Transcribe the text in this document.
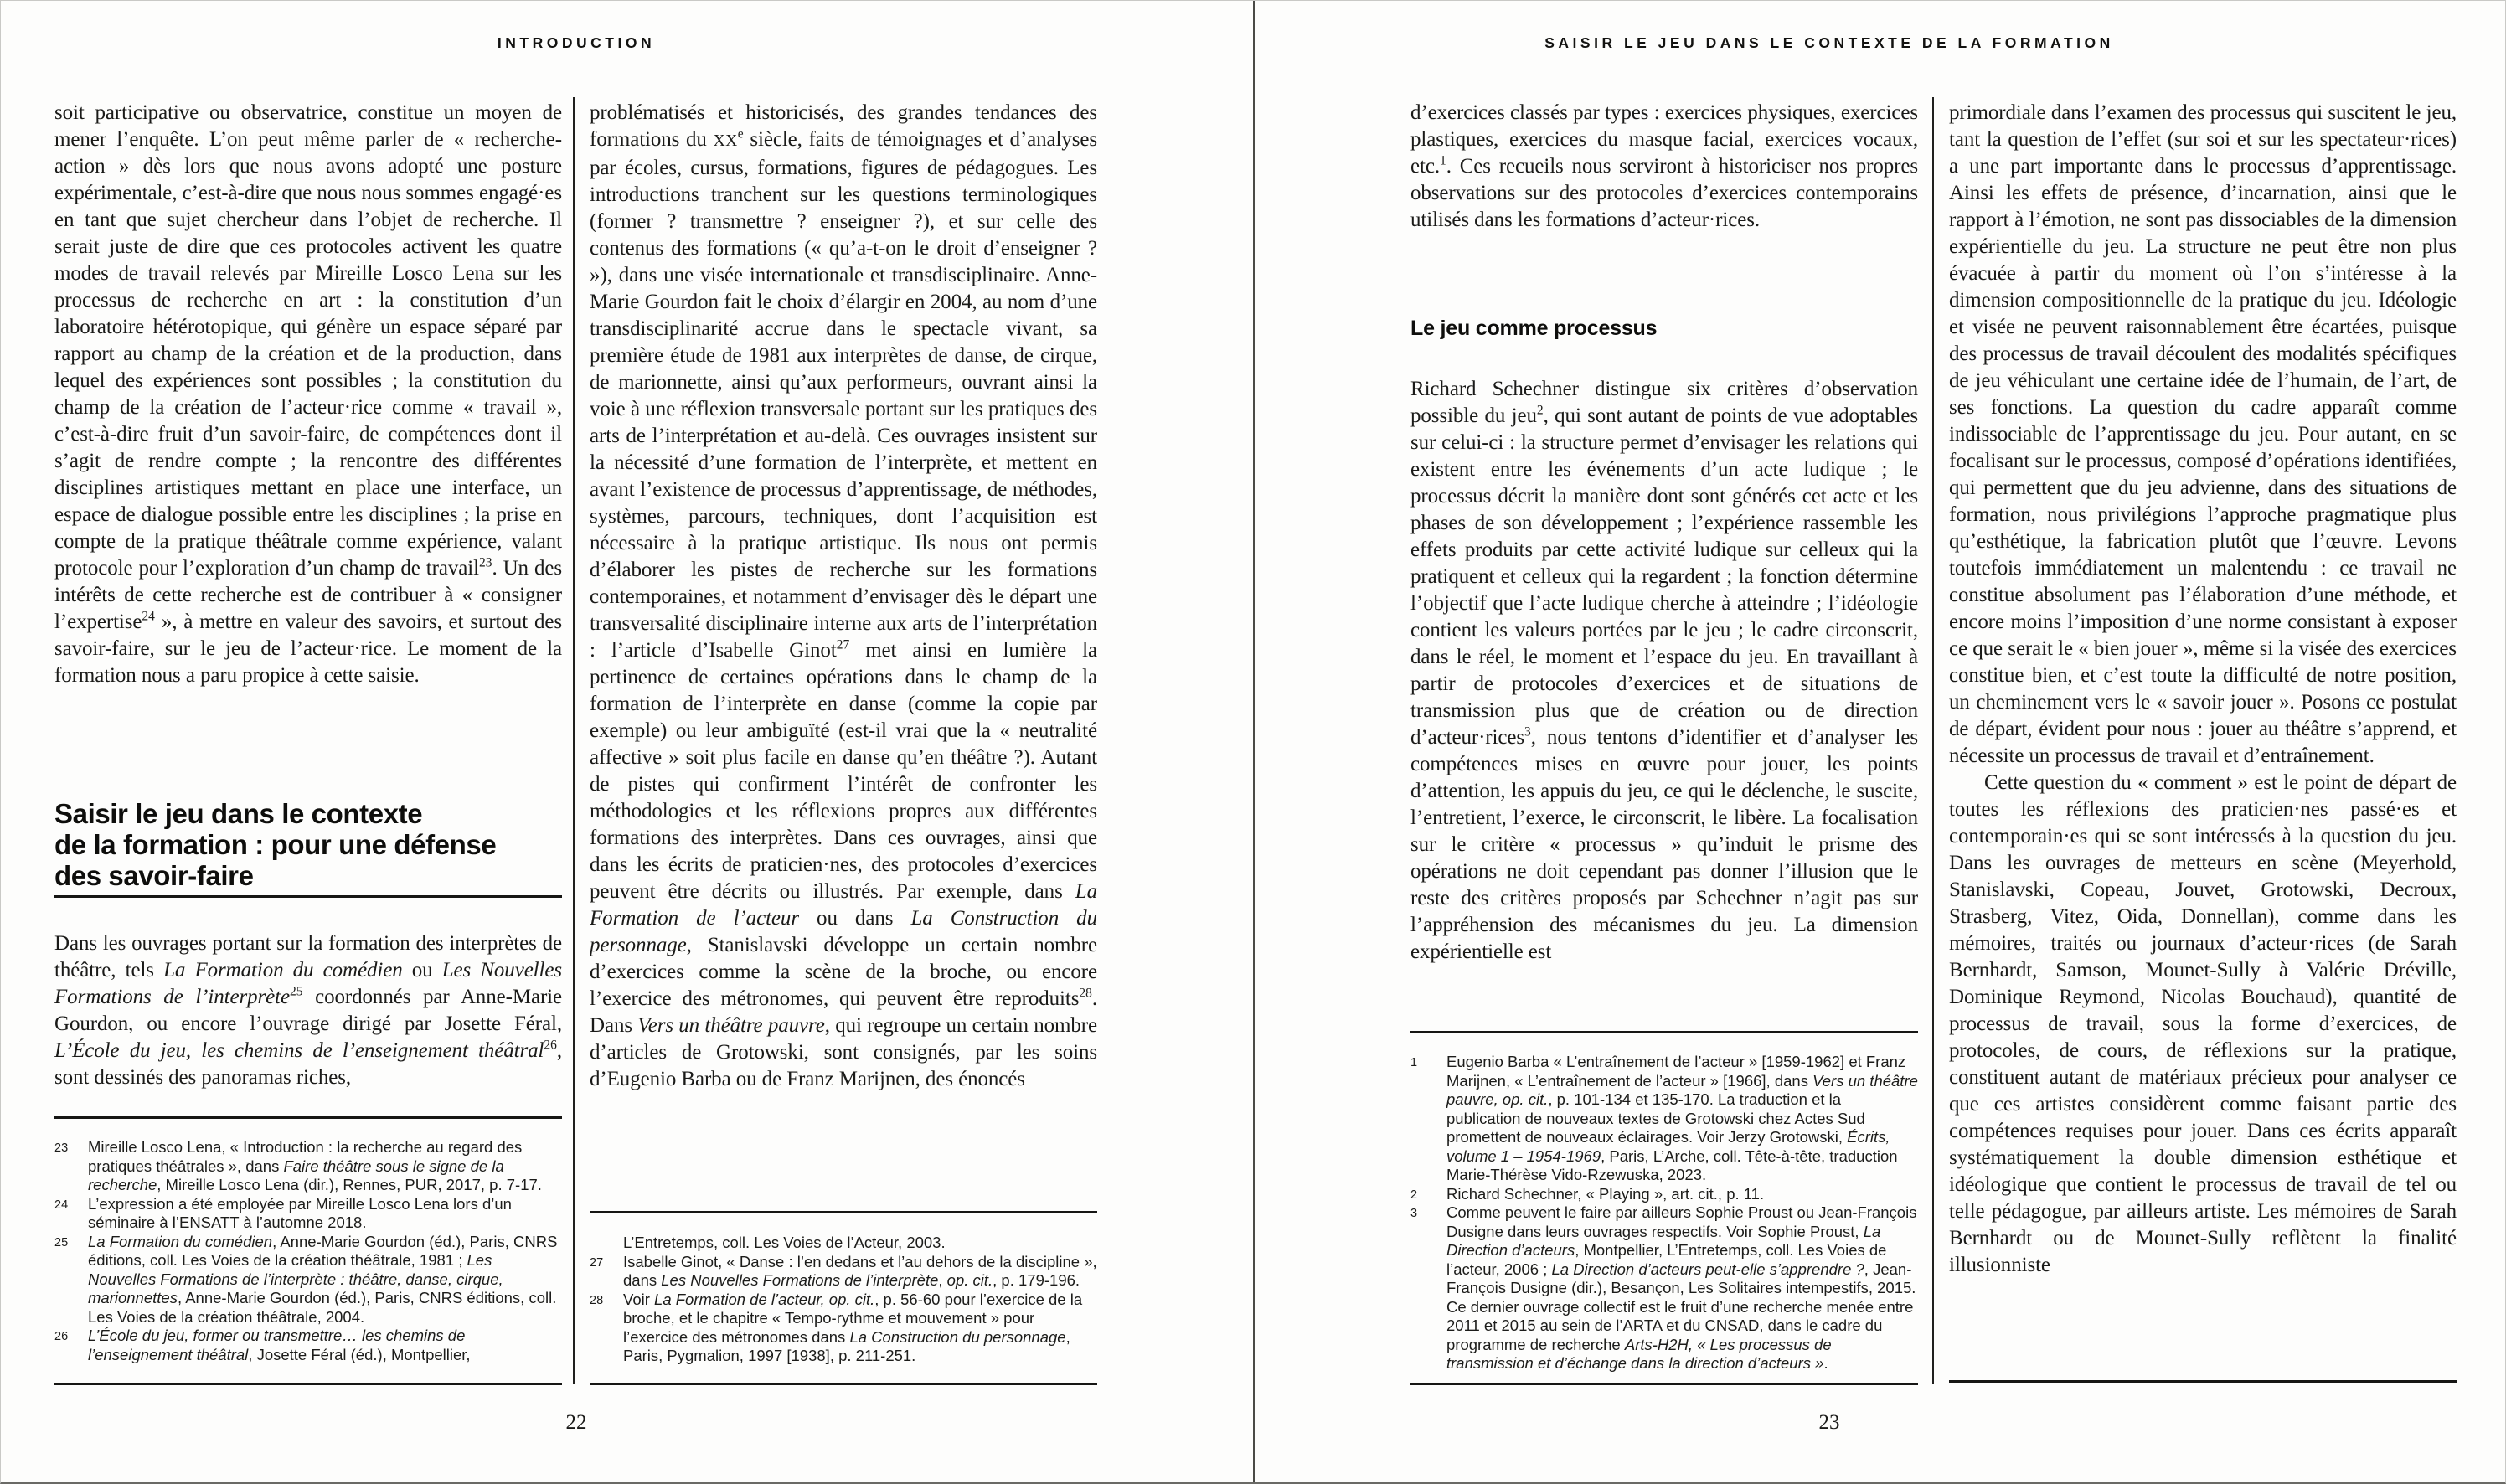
INTRODUCTION
soit participative ou observatrice, constitue un moyen de mener l’enquête. L’on peut même parler de « recherche-action » dès lors que nous avons adopté une posture expérimentale, c’est-à-dire que nous nous sommes engagé·es en tant que sujet chercheur dans l’objet de recherche. Il serait juste de dire que ces protocoles activent les quatre modes de travail relevés par Mireille Losco Lena sur les processus de recherche en art : la constitution d’un laboratoire hétérotopique, qui génère un espace séparé par rapport au champ de la création et de la production, dans lequel des expériences sont possibles ; la constitution du champ de la création de l’acteur·rice comme « travail », c’est-à-dire fruit d’un savoir-faire, de compétences dont il s’agit de rendre compte ; la rencontre des différentes disciplines artistiques mettant en place une interface, un espace de dialogue possible entre les disciplines ; la prise en compte de la pratique théâtrale comme expérience, valant protocole pour l’exploration d’un champ de travail$^{23}$. Un des intérêts de cette recherche est de contribuer à « consigner l’expertise$^{24}$ », à mettre en valeur des savoirs, et surtout des savoir-faire, sur le jeu de l’acteur·rice. Le moment de la formation nous a paru propice à cette saisie.
Saisir le jeu dans le contexte
de la formation : pour une défense
des savoir-faire
Dans les ouvrages portant sur la formation des interprètes de théâtre, tels La Formation du comédien ou Les Nouvelles Formations de l’interprète$^{25}$ coordonnés par Anne-Marie Gourdon, ou encore l’ouvrage dirigé par Josette Féral, L’École du jeu, les chemins de l’enseignement théâtral$^{26}$, sont dessinés des panoramas riches,
23 Mireille Losco Lena, « Introduction : la recherche au regard des pratiques théâtrales », dans Faire théâtre sous le signe de la recherche, Mireille Losco Lena (dir.), Rennes, PUR, 2017, p. 7-17.
24 L’expression a été employée par Mireille Losco Lena lors d’un séminaire à l’ENSATT à l’automne 2018.
25 La Formation du comédien, Anne-Marie Gourdon (éd.), Paris, CNRS éditions, coll. Les Voies de la création théâtrale, 1981 ; Les Nouvelles Formations de l’interprète : théâtre, danse, cirque, marionnettes, Anne-Marie Gourdon (éd.), Paris, CNRS éditions, coll. Les Voies de la création théâtrale, 2004.
26 L’École du jeu, former ou transmettre… les chemins de l’enseignement théâtral, Josette Féral (éd.), Montpellier,
problématisés et historicisés, des grandes tendances des formations du XXe siècle, faits de témoignages et d’analyses par écoles, cursus, formations, figures de pédagogues. Les introductions tranchent sur les questions terminologiques (former ? transmettre ? enseigner ?), et sur celle des contenus des formations (« qu’a-t-on le droit d’enseigner ? »), dans une visée internationale et transdisciplinaire. Anne-Marie Gourdon fait le choix d’élargir en 2004, au nom d’une transdisciplinarité accrue dans le spectacle vivant, sa première étude de 1981 aux interprètes de danse, de cirque, de marionnette, ainsi qu’aux performeurs, ouvrant ainsi la voie à une réflexion transversale portant sur les pratiques des arts de l’interprétation et au-delà. Ces ouvrages insistent sur la nécessité d’une formation de l’interprète, et mettent en avant l’existence de processus d’apprentissage, de méthodes, systèmes, parcours, techniques, dont l’acquisition est nécessaire à la pratique artistique. Ils nous ont permis d’élaborer les pistes de recherche sur les formations contemporaines, et notamment d’envisager dès le départ une transversalité disciplinaire interne aux arts de l’interprétation : l’article d’Isabelle Ginot$^{27}$ met ainsi en lumière la pertinence de certaines opérations dans le champ de la formation de l’interprète en danse (comme la copie par exemple) ou leur ambiguïté (est-il vrai que la « neutralité affective » soit plus facile en danse qu’en théâtre ?). Autant de pistes qui confirment l’intérêt de confronter les méthodologies et les réflexions propres aux différentes formations des interprètes. Dans ces ouvrages, ainsi que dans les écrits de praticien·nes, des protocoles d’exercices peuvent être décrits ou illustrés. Par exemple, dans La Formation de l’acteur ou dans La Construction du personnage, Stanislavski développe un certain nombre d’exercices comme la scène de la broche, ou encore l’exercice des métronomes, qui peuvent être reproduits$^{28}$. Dans Vers un théâtre pauvre, qui regroupe un certain nombre d’articles de Grotowski, sont consignés, par les soins d’Eugenio Barba ou de Franz Marijnen, des énoncés
L’Entretemps, coll. Les Voies de l’Acteur, 2003.
27 Isabelle Ginot, « Danse : l’en dedans et l’au dehors de la discipline », dans Les Nouvelles Formations de l’interprète, op. cit., p. 179-196.
28 Voir La Formation de l’acteur, op. cit., p. 56-60 pour l’exercice de la broche, et le chapitre « Tempo-rythme et mouvement » pour l’exercice des métronomes dans La Construction du personnage, Paris, Pygmalion, 1997 [1938], p. 211-251.
22
SAISIR LE JEU DANS LE CONTEXTE DE LA FORMATION
d’exercices classés par types : exercices physiques, exercices plastiques, exercices du masque facial, exercices vocaux, etc.$^1$. Ces recueils nous serviront à historiciser nos propres observations sur des protocoles d’exercices contemporains utilisés dans les formations d’acteur·rices.
Le jeu comme processus
Richard Schechner distingue six critères d’observation possible du jeu$^2$, qui sont autant de points de vue adoptables sur celui-ci : la structure permet d’envisager les relations qui existent entre les événements d’un acte ludique ; le processus décrit la manière dont sont générés cet acte et les phases de son développement ; l’expérience rassemble les effets produits par cette activité ludique sur celleux qui la pratiquent et celleux qui la regardent ; la fonction détermine l’objectif que l’acte ludique cherche à atteindre ; l’idéologie contient les valeurs portées par le jeu ; le cadre circonscrit, dans le réel, le moment et l’espace du jeu. En travaillant à partir de protocoles d’exercices et de situations de transmission plus que de création ou de direction d’acteur·rices$^3$, nous tentons d’identifier et d’analyser les compétences mises en œuvre pour jouer, les points d’attention, les appuis du jeu, ce qui le déclenche, le suscite, l’entretient, l’exerce, le circonscrit, le libère. La focalisation sur le critère « processus » qu’induit le prisme des opérations ne doit cependant pas donner l’illusion que le reste des critères proposés par Schechner n’agit pas sur l’appréhension des mécanismes du jeu. La dimension expérientielle est
1 Eugenio Barba « L’entraînement de l’acteur » [1959-1962] et Franz Marijnen, « L’entraînement de l’acteur » [1966], dans Vers un théâtre pauvre, op. cit., p. 101-134 et 135-170. La traduction et la publication de nouveaux textes de Grotowski chez Actes Sud promettent de nouveaux éclairages. Voir Jerzy Grotowski, Écrits, volume 1 – 1954-1969, Paris, L’Arche, coll. Tête-à-tête, traduction Marie-Thérèse Vido-Rzewuska, 2023.
2 Richard Schechner, « Playing », art. cit., p. 11.
3 Comme peuvent le faire par ailleurs Sophie Proust ou Jean-François Dusigne dans leurs ouvrages respectifs. Voir Sophie Proust, La Direction d’acteurs, Montpellier, L’Entretemps, coll. Les Voies de l’acteur, 2006 ; La Direction d’acteurs peut-elle s’apprendre ?, Jean-François Dusigne (dir.), Besançon, Les Solitaires intempestifs, 2015. Ce dernier ouvrage collectif est le fruit d’une recherche menée entre 2011 et 2015 au sein de l’ARTA et du CNSAD, dans le cadre du programme de recherche Arts-H2H, « Les processus de transmission et d’échange dans la direction d’acteurs ».

primordiale dans l’examen des processus qui suscitent le jeu, tant la question de l’effet (sur soi et sur les spectateur·rices) a une part importante dans le processus d’apprentissage. Ainsi les effets de présence, d’incarnation, ainsi que le rapport à l’émotion, ne sont pas dissociables de la dimension expérientielle du jeu. La structure ne peut être non plus évacuée à partir du moment où l’on s’intéresse à la dimension compositionnelle de la pratique du jeu. Idéologie et visée ne peuvent raisonnablement être écartées, puisque des processus de travail découlent des modalités spécifiques de jeu véhiculant une certaine idée de l’humain, de l’art, de ses fonctions. La question du cadre apparaît comme indissociable de l’apprentissage du jeu. Pour autant, en se focalisant sur le processus, composé d’opérations identifiées, qui permettent que du jeu advienne, dans des situations de formation, nous privilégions l’approche pragmatique plus qu’esthétique, la fabrication plutôt que l’œuvre. Levons toutefois immédiatement un malentendu : ce travail ne constitue absolument pas l’élaboration d’une méthode, et encore moins l’imposition d’une norme consistant à exposer ce que serait le « bien jouer », même si la visée des exercices constitue bien, et c’est toute la difficulté de notre position, un cheminement vers le « savoir jouer ». Posons ce postulat de départ, évident pour nous : jouer au théâtre s’apprend, et nécessite un processus de travail et d’entraînement.

Cette question du « comment » est le point de départ de toutes les réflexions des praticien·nes passé·es et contemporain·es qui se sont intéressés à la question du jeu. Dans les ouvrages de metteurs en scène (Meyerhold, Stanislavski, Copeau, Jouvet, Grotowski, Decroux, Strasberg, Vitez, Oida, Donnellan), comme dans les mémoires, traités ou journaux d’acteur·rices (de Sarah Bernhardt, Samson, Mounet-Sully à Valérie Dréville, Dominique Reymond, Nicolas Bouchaud), quantité de processus de travail, sous la forme d’exercices, de protocoles, de cours, de réflexions sur la pratique, constituent autant de matériaux précieux pour analyser ce que ces artistes considèrent comme faisant partie des compétences requises pour jouer. Dans ces écrits apparaît systématiquement la double dimension esthétique et idéologique que contient le processus de travail de tel ou telle pédagogue, par ailleurs artiste. Les mémoires de Sarah Bernhardt ou de Mounet-Sully reflètent la finalité illusionniste

23
